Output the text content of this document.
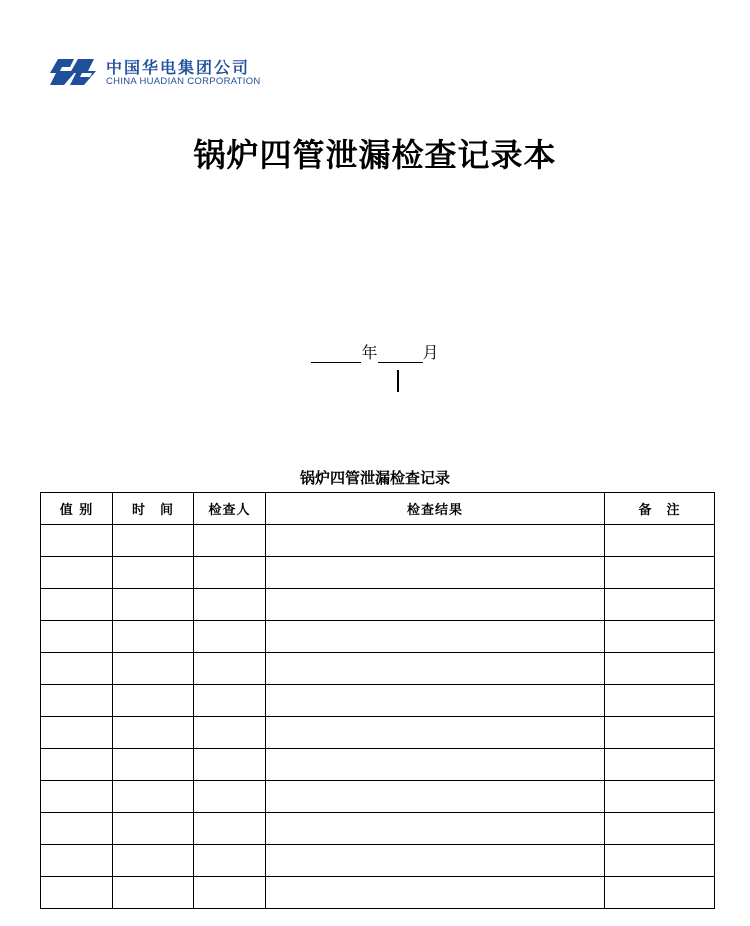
中国华电集团公司
CHINA HUADIAN CORPORATION
锅炉四管泄漏检查记录本
年	月
锅炉四管泄漏检查记录
值 别	时　间	检查人	检查结果	备　注
